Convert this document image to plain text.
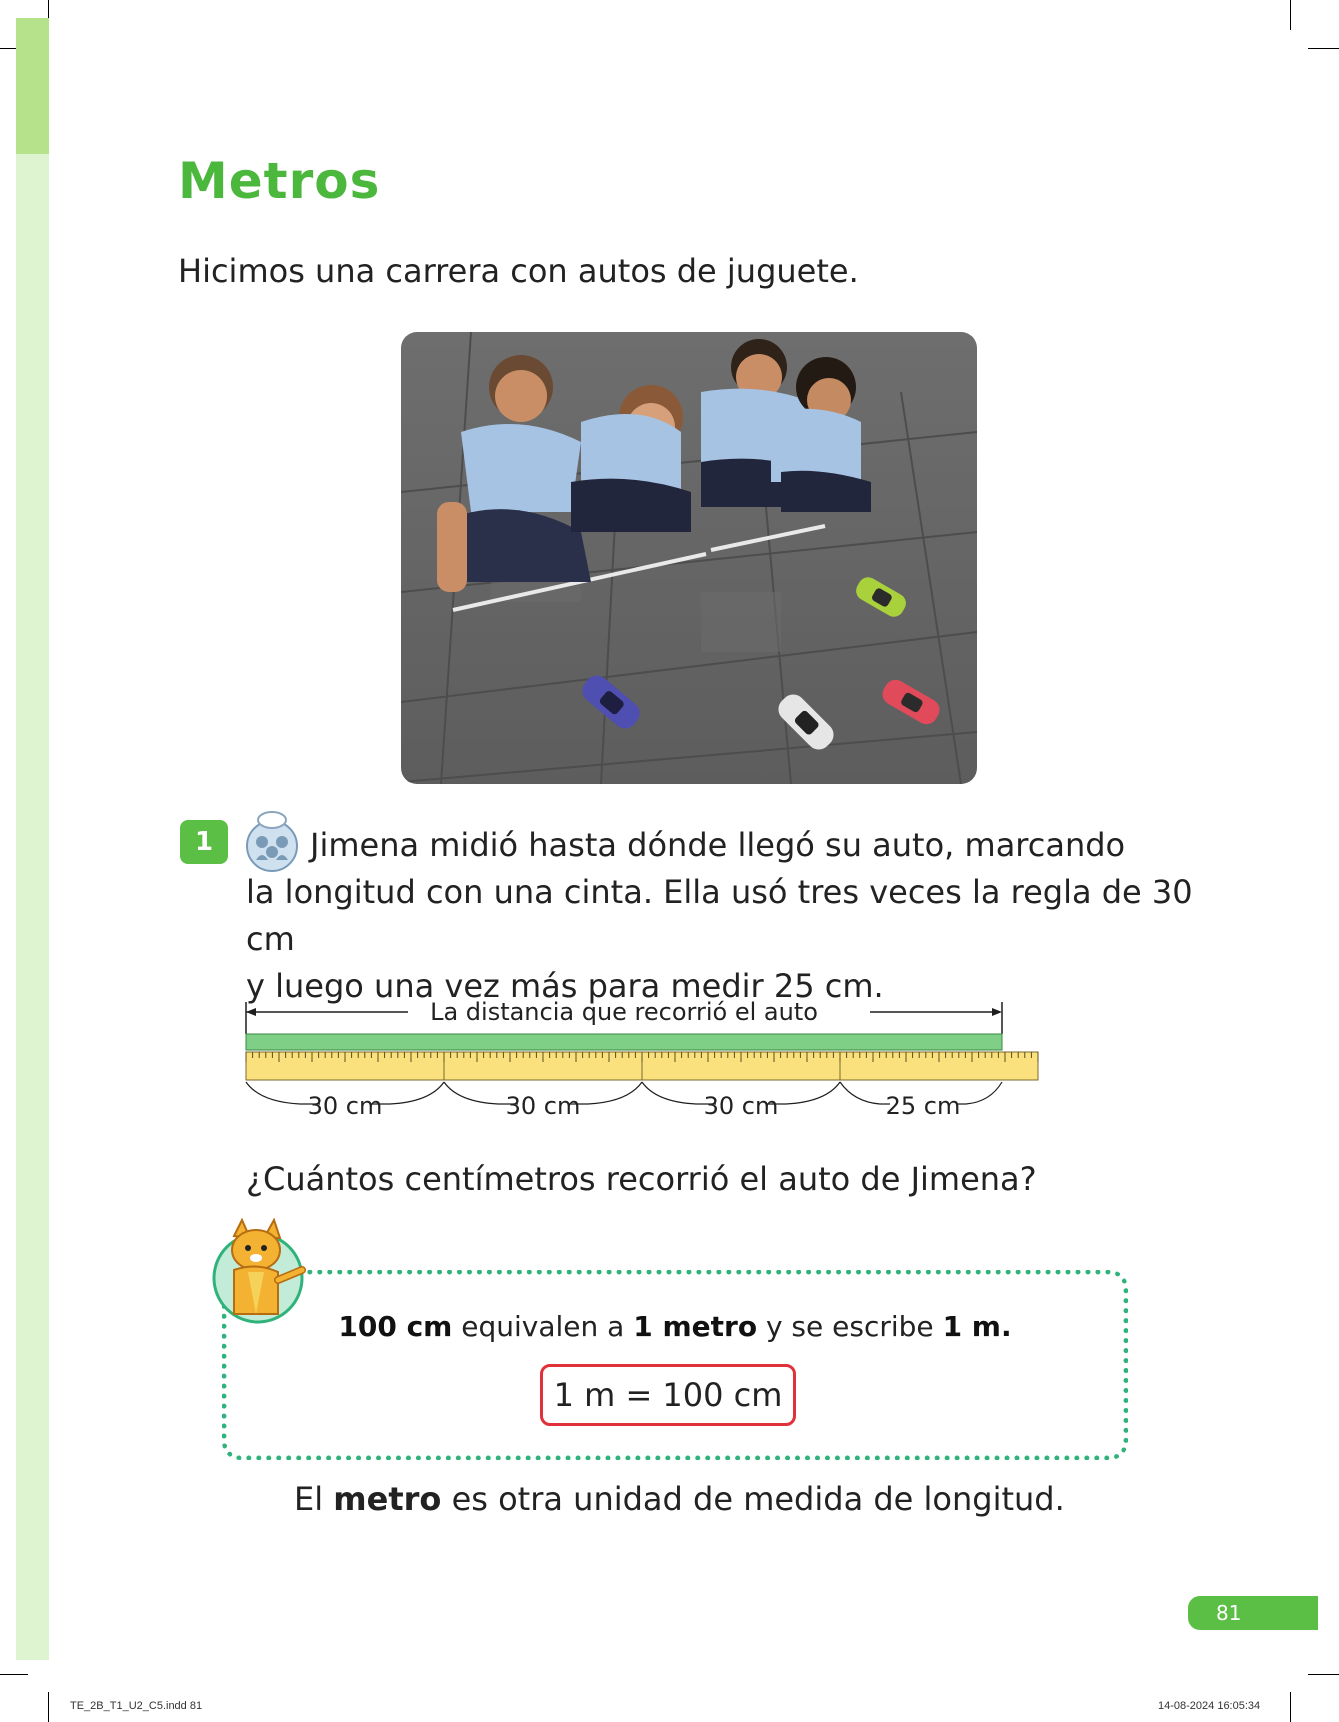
Metros
Hicimos una carrera con autos de juguete.
1	Jimena midió hasta dónde llegó su auto, marcando
la longitud con una cinta. Ella usó tres veces la regla de 30 cm
y luego una vez más para medir 25 cm.
La distancia que recorrió el auto
30 cm	30 cm	30 cm	25 cm
¿Cuántos centímetros recorrió el auto de Jimena?
100 cm equivalen a 1 metro y se escribe 1 m.
1 m = 100 cm
El metro es otra unidad de medida de longitud.
81
TE_2B_T1_U2_C5.indd 81	14-08-2024 16:05:34
